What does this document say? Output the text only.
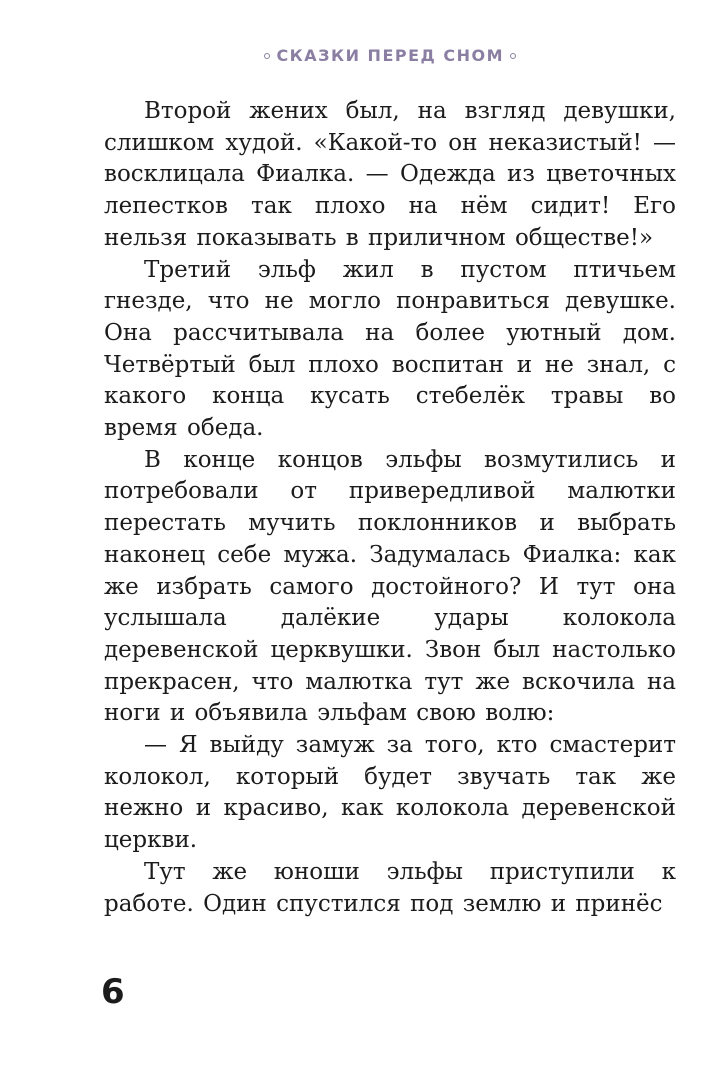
СКАЗКИ ПЕРЕД СНОМ

Второй жених был, на взгляд девушки, слишком худой. «Какой-то он неказистый! — восклицала Фиалка. — Одежда из цветочных лепестков так плохо на нём сидит! Его нельзя показывать в приличном обществе!»

Третий эльф жил в пустом птичьем гнезде, что не могло понравиться девушке. Она рассчитывала на более уютный дом. Четвёртый был плохо воспитан и не знал, с какого конца кусать стебелёк травы во время обеда.

В конце концов эльфы возмутились и потребовали от привередливой малютки перестать мучить поклонников и выбрать наконец себе мужа. Задумалась Фиалка: как же избрать самого достойного? И тут она услышала далёкие удары колокола деревенской церквушки. Звон был настолько прекрасен, что малютка тут же вскочила на ноги и объявила эльфам свою волю:

— Я выйду замуж за того, кто смастерит колокол, который будет звучать так же нежно и красиво, как колокола деревенской церкви.

Тут же юноши эльфы приступили к работе. Один спустился под землю и принёс

6
